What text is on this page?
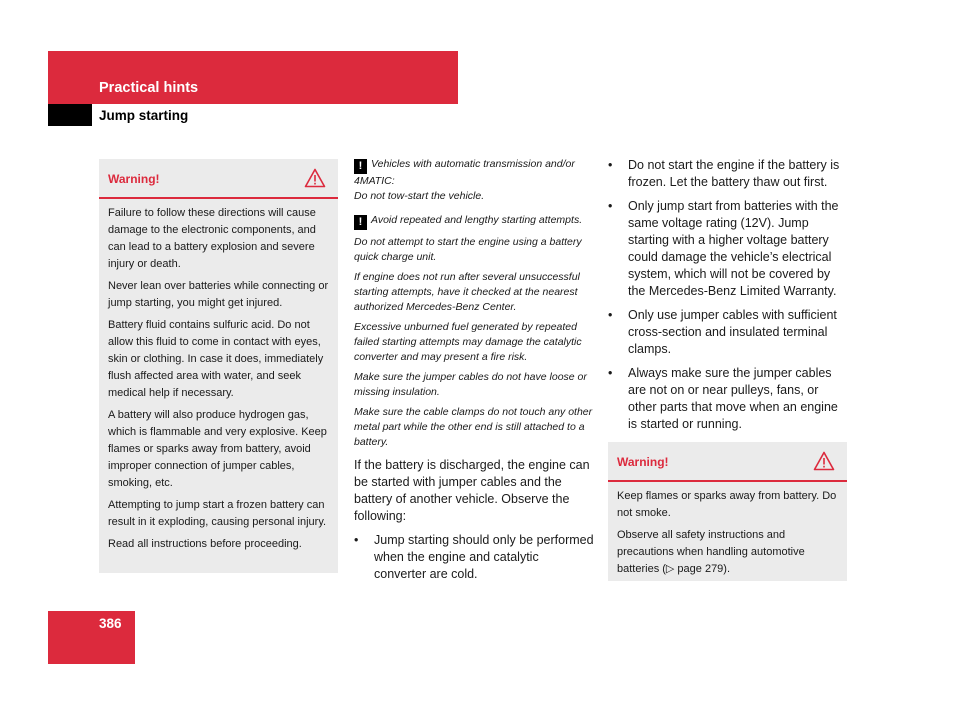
Practical hints
Jump starting
Warning!

Failure to follow these directions will cause damage to the electronic components, and can lead to a battery explosion and severe injury or death.

Never lean over batteries while connecting or jump starting, you might get injured.

Battery fluid contains sulfuric acid. Do not allow this fluid to come in contact with eyes, skin or clothing. In case it does, immediately flush affected area with water, and seek medical help if necessary.

A battery will also produce hydrogen gas, which is flammable and very explosive. Keep flames or sparks away from battery, avoid improper connection of jumper cables, smoking, etc.

Attempting to jump start a frozen battery can result in it exploding, causing personal injury.

Read all instructions before proceeding.

! Vehicles with automatic transmission and/or 4MATIC:
Do not tow-start the vehicle.

! Avoid repeated and lengthy starting attempts.

Do not attempt to start the engine using a battery quick charge unit.

If engine does not run after several unsuccessful starting attempts, have it checked at the nearest authorized Mercedes-Benz Center.

Excessive unburned fuel generated by repeated failed starting attempts may damage the catalytic converter and may present a fire risk.

Make sure the jumper cables do not have loose or missing insulation.

Make sure the cable clamps do not touch any other metal part while the other end is still attached to a battery.

If the battery is discharged, the engine can be started with jumper cables and the battery of another vehicle. Observe the following:

• Jump starting should only be performed when the engine and catalytic converter are cold.
• Do not start the engine if the battery is frozen. Let the battery thaw out first.
• Only jump start from batteries with the same voltage rating (12V). Jump starting with a higher voltage battery could damage the vehicle’s electrical system, which will not be covered by the Mercedes-Benz Limited Warranty.
• Only use jumper cables with sufficient cross-section and insulated terminal clamps.
• Always make sure the jumper cables are not on or near pulleys, fans, or other parts that move when an engine is started or running.
Warning!

Keep flames or sparks away from battery. Do not smoke.

Observe all safety instructions and precautions when handling automotive batteries (▷ page 279).

386
